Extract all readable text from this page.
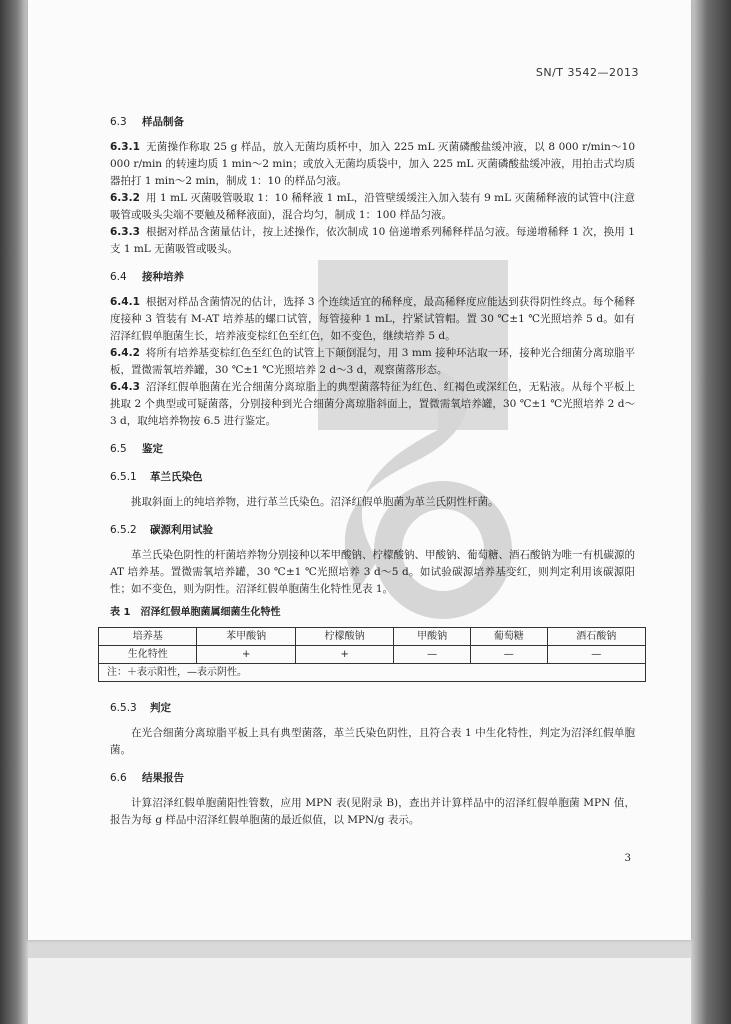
SN/T 3542—2013

6.3 样品制备

6.3.1 无菌操作称取 25 g 样品，放入无菌均质杯中，加入 225 mL 灭菌磷酸盐缓冲液，以 8 000 r/min～10 000 r/min 的转速均质 1 min～2 min；或放入无菌均质袋中，加入 225 mL 灭菌磷酸盐缓冲液，用拍击式均质器拍打 1 min～2 min，制成 1：10 的样品匀液。

6.3.2 用 1 mL 灭菌吸管吸取 1：10 稀释液 1 mL，沿管壁缓缓注入加入装有 9 mL 灭菌稀释液的试管中(注意吸管或吸头尖端不要触及稀释液面)，混合均匀，制成 1：100 样品匀液。

6.3.3 根据对样品含菌量估计，按上述操作，依次制成 10 倍递增系列稀释样品匀液。每递增稀释 1 次，换用 1 支 1 mL 无菌吸管或吸头。

6.4 接种培养

6.4.1 根据对样品含菌情况的估计，选择 3 个连续适宜的稀释度，最高稀释度应能达到获得阴性终点。每个稀释度接种 3 管装有 M-AT 培养基的螺口试管，每管接种 1 mL，拧紧试管帽。置 30 ℃±1 ℃光照培养 5 d。如有沼泽红假单胞菌生长，培养液变棕红色至红色，如不变色，继续培养 5 d。

6.4.2 将所有培养基变棕红色至红色的试管上下颠倒混匀，用 3 mm 接种环沾取一环，接种光合细菌分离琼脂平板，置微需氧培养罐，30 ℃±1 ℃光照培养 2 d～3 d，观察菌落形态。

6.4.3 沼泽红假单胞菌在光合细菌分离琼脂上的典型菌落特征为红色、红褐色或深红色，无粘液。从每个平板上挑取 2 个典型或可疑菌落，分别接种到光合细菌分离琼脂斜面上，置微需氧培养罐，30 ℃±1 ℃光照培养 2 d～3 d，取纯培养物按 6.5 进行鉴定。

6.5 鉴定

6.5.1 革兰氏染色

挑取斜面上的纯培养物，进行革兰氏染色。沼泽红假单胞菌为革兰氏阴性杆菌。

6.5.2 碳源利用试验

革兰氏染色阴性的杆菌培养物分别接种以苯甲酸钠、柠檬酸钠、甲酸钠、葡萄糖、酒石酸钠为唯一有机碳源的 AT 培养基。置微需氧培养罐，30 ℃±1 ℃光照培养 3 d～5 d。如试验碳源培养基变红，则判定利用该碳源阳性；如不变色，则为阴性。沼泽红假单胞菌生化特性见表 1。

表 1　沼泽红假单胞菌属细菌生化特性

培养基	苯甲酸钠	柠檬酸钠	甲酸钠	葡萄糖	酒石酸钠
生化特性	+	+	—	—	—
注：＋表示阳性，—表示阴性。					

6.5.3 判定

在光合细菌分离琼脂平板上具有典型菌落，革兰氏染色阴性，且符合表 1 中生化特性，判定为沼泽红假单胞菌。

6.6 结果报告

计算沼泽红假单胞菌阳性管数，应用 MPN 表(见附录 B)，查出并计算样品中的沼泽红假单胞菌 MPN 值，报告为每 g 样品中沼泽红假单胞菌的最近似值，以 MPN/g 表示。

3
